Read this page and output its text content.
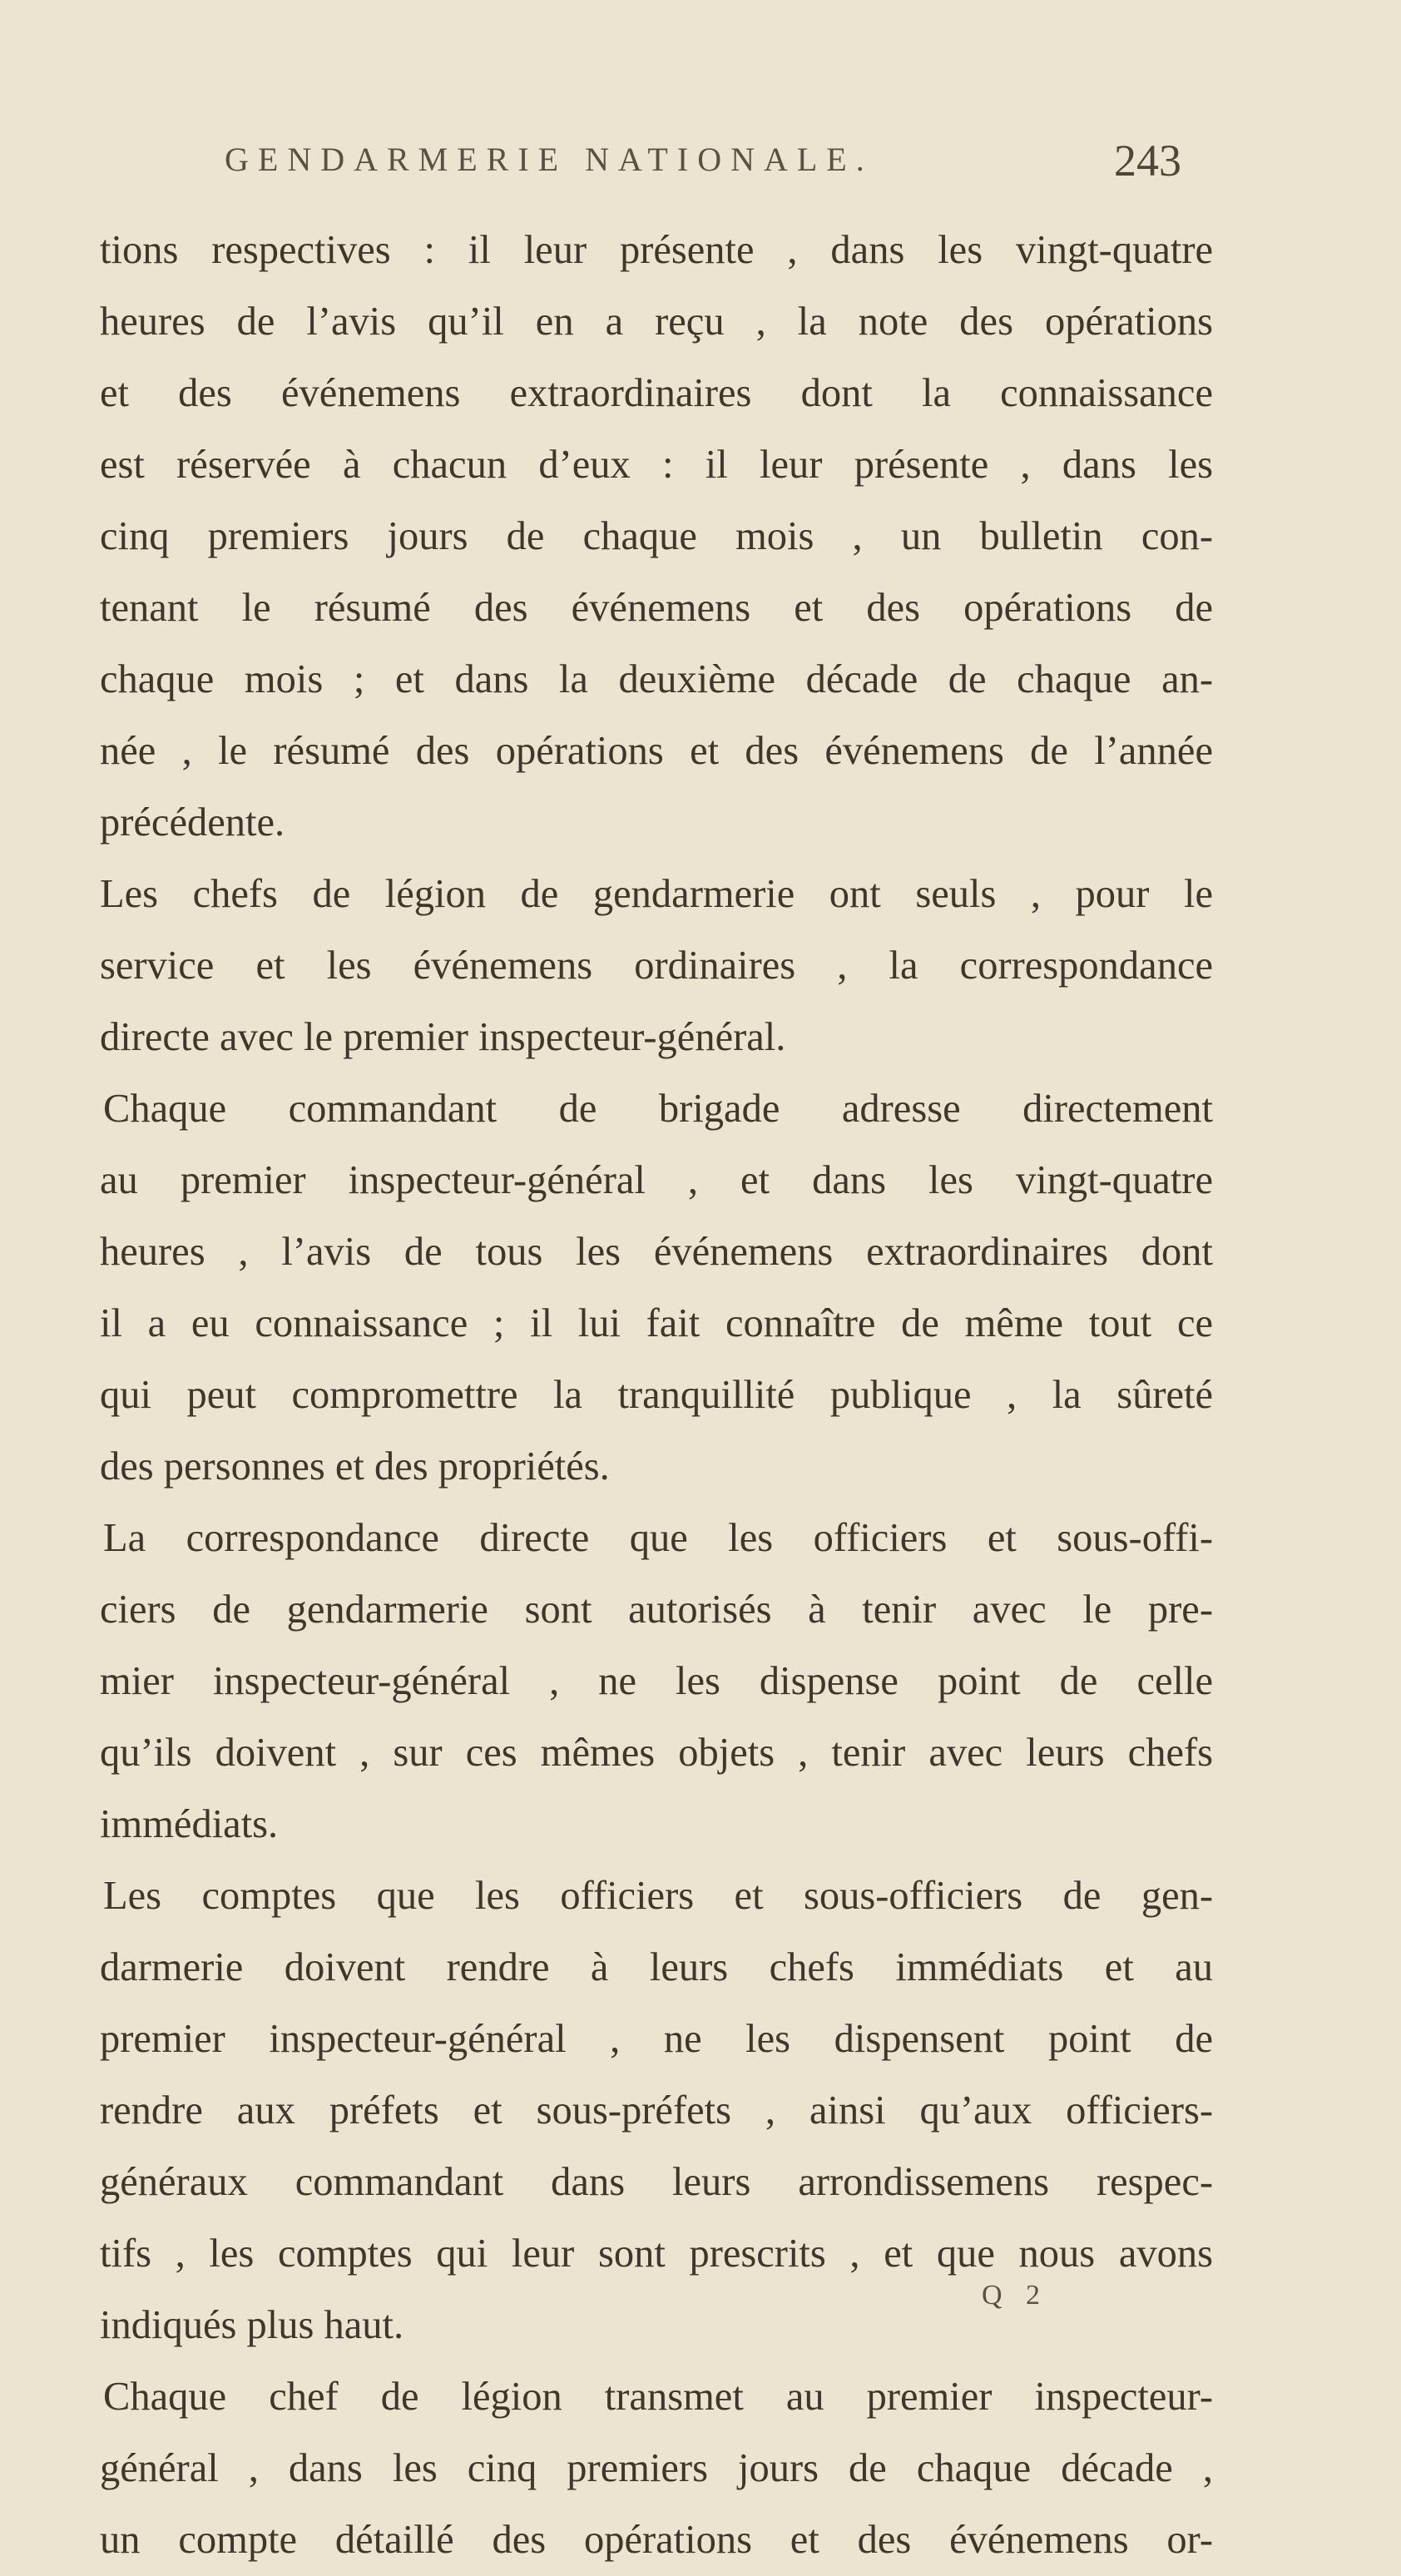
GENDARMERIE NATIONALE.	243
tions respectives : il leur présente , dans les vingt-quatre
heures de l’avis qu’il en a reçu , la note des opérations
et des événemens extraordinaires dont la connaissance
est réservée à chacun d’eux : il leur présente , dans les
cinq premiers jours de chaque mois , un bulletin con-
tenant le résumé des événemens et des opérations de
chaque mois ; et dans la deuxième décade de chaque an-
née , le résumé des opérations et des événemens de l’année
précédente.
Les chefs de légion de gendarmerie ont seuls , pour le
service et les événemens ordinaires , la correspondance
directe avec le premier inspecteur-général.
Chaque commandant de brigade adresse directement
au premier inspecteur-général , et dans les vingt-quatre
heures , l’avis de tous les événemens extraordinaires dont
il a eu connaissance ; il lui fait connaître de même tout ce
qui peut compromettre la tranquillité publique , la sûreté
des personnes et des propriétés.
La correspondance directe que les officiers et sous-offi-
ciers de gendarmerie sont autorisés à tenir avec le pre-
mier inspecteur-général , ne les dispense point de celle
qu’ils doivent , sur ces mêmes objets , tenir avec leurs chefs
immédiats.
Les comptes que les officiers et sous-officiers de gen-
darmerie doivent rendre à leurs chefs immédiats et au
premier inspecteur-général , ne les dispensent point de
rendre aux préfets et sous-préfets , ainsi qu’aux officiers-
généraux commandant dans leurs arrondissemens respec-
tifs , les comptes qui leur sont prescrits , et que nous avons
indiqués plus haut.
Chaque chef de légion transmet au premier inspecteur-
général , dans les cinq premiers jours de chaque décade ,
un compte détaillé des opérations et des événemens or-
Q 2
